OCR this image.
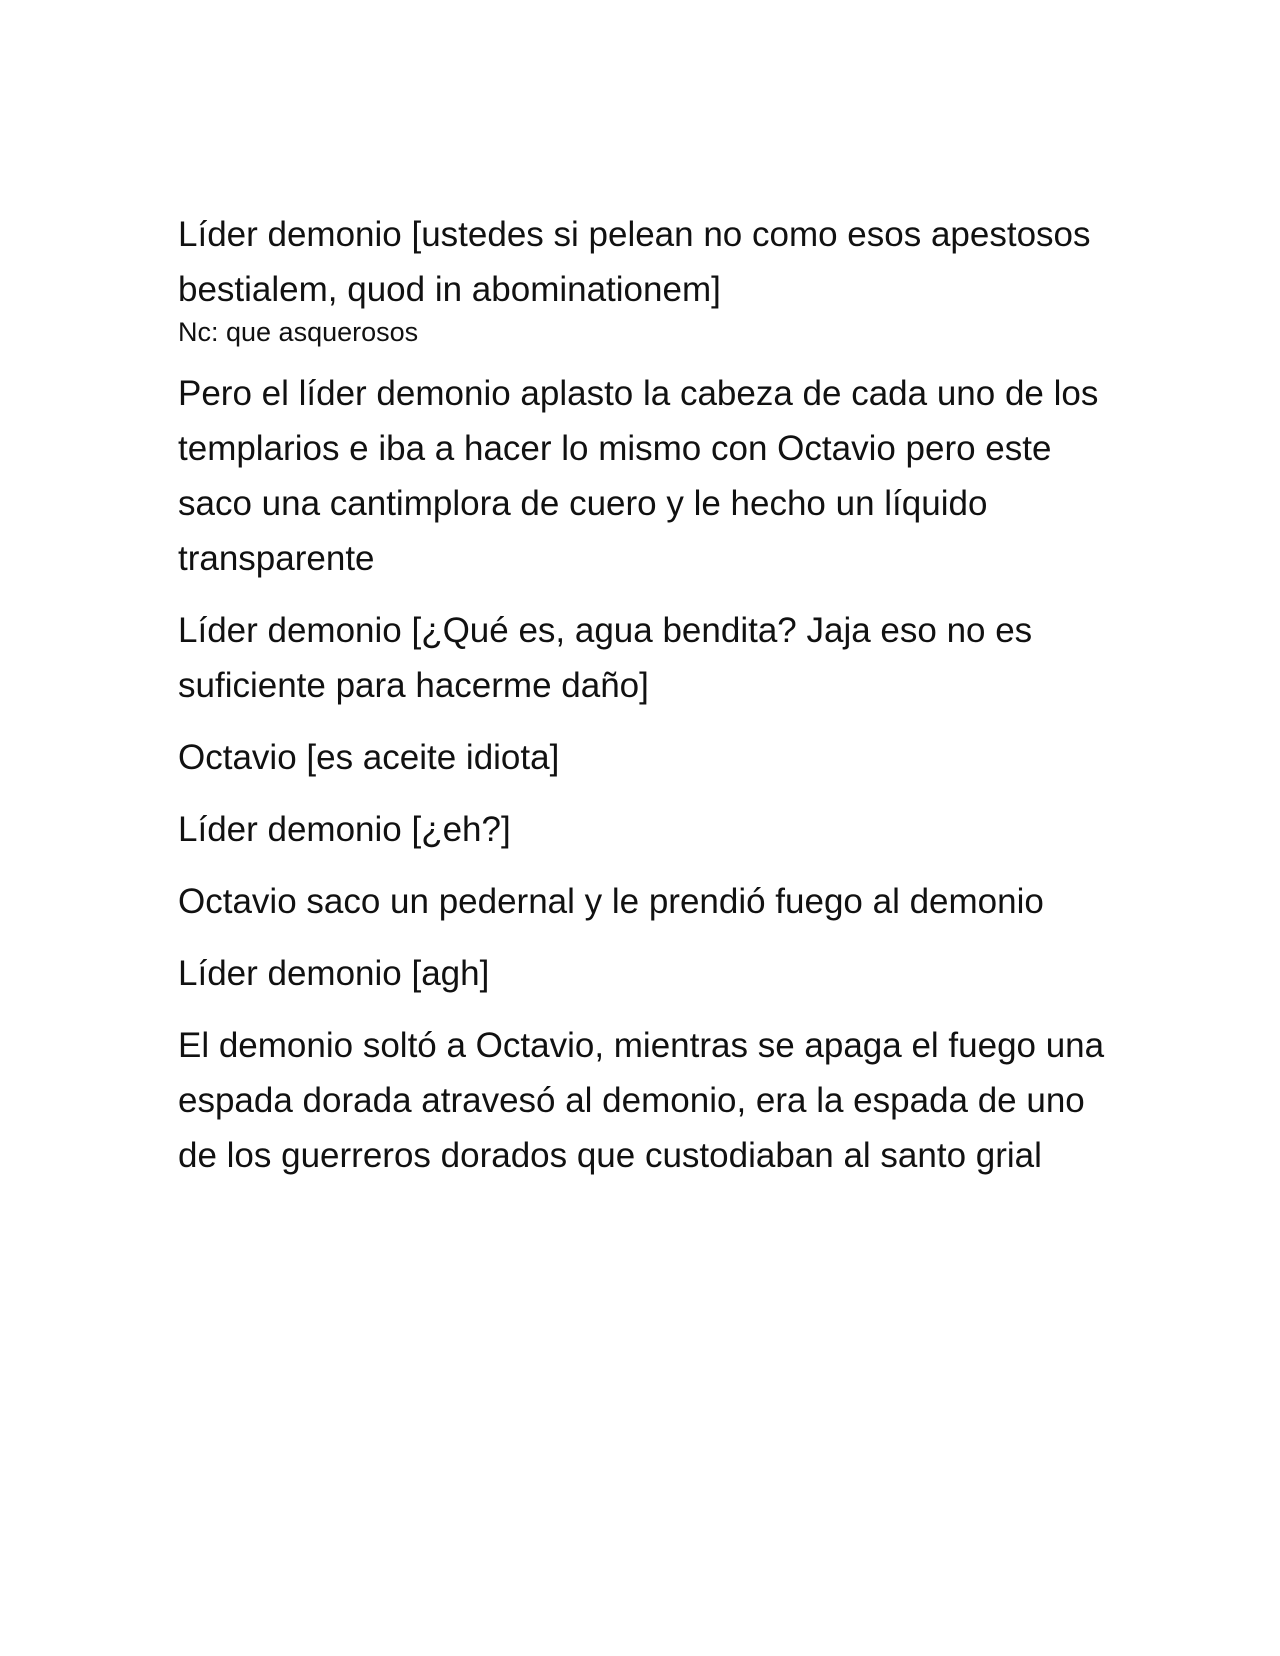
Líder demonio [ustedes si pelean no como esos apestosos bestialem, quod in abominationem]

Nc: que asquerosos

Pero el líder demonio aplasto la cabeza de cada uno de los templarios e iba a hacer lo mismo con Octavio pero este saco una cantimplora de cuero y le hecho un líquido transparente

Líder demonio [¿Qué es, agua bendita? Jaja eso no es suficiente para hacerme daño]

Octavio [es aceite idiota]

Líder demonio [¿eh?]

Octavio saco un pedernal y le prendió fuego al demonio

Líder demonio [agh]

El demonio soltó a Octavio, mientras se apaga el fuego una espada dorada atravesó al demonio, era la espada de uno de los guerreros dorados que custodiaban al santo grial
